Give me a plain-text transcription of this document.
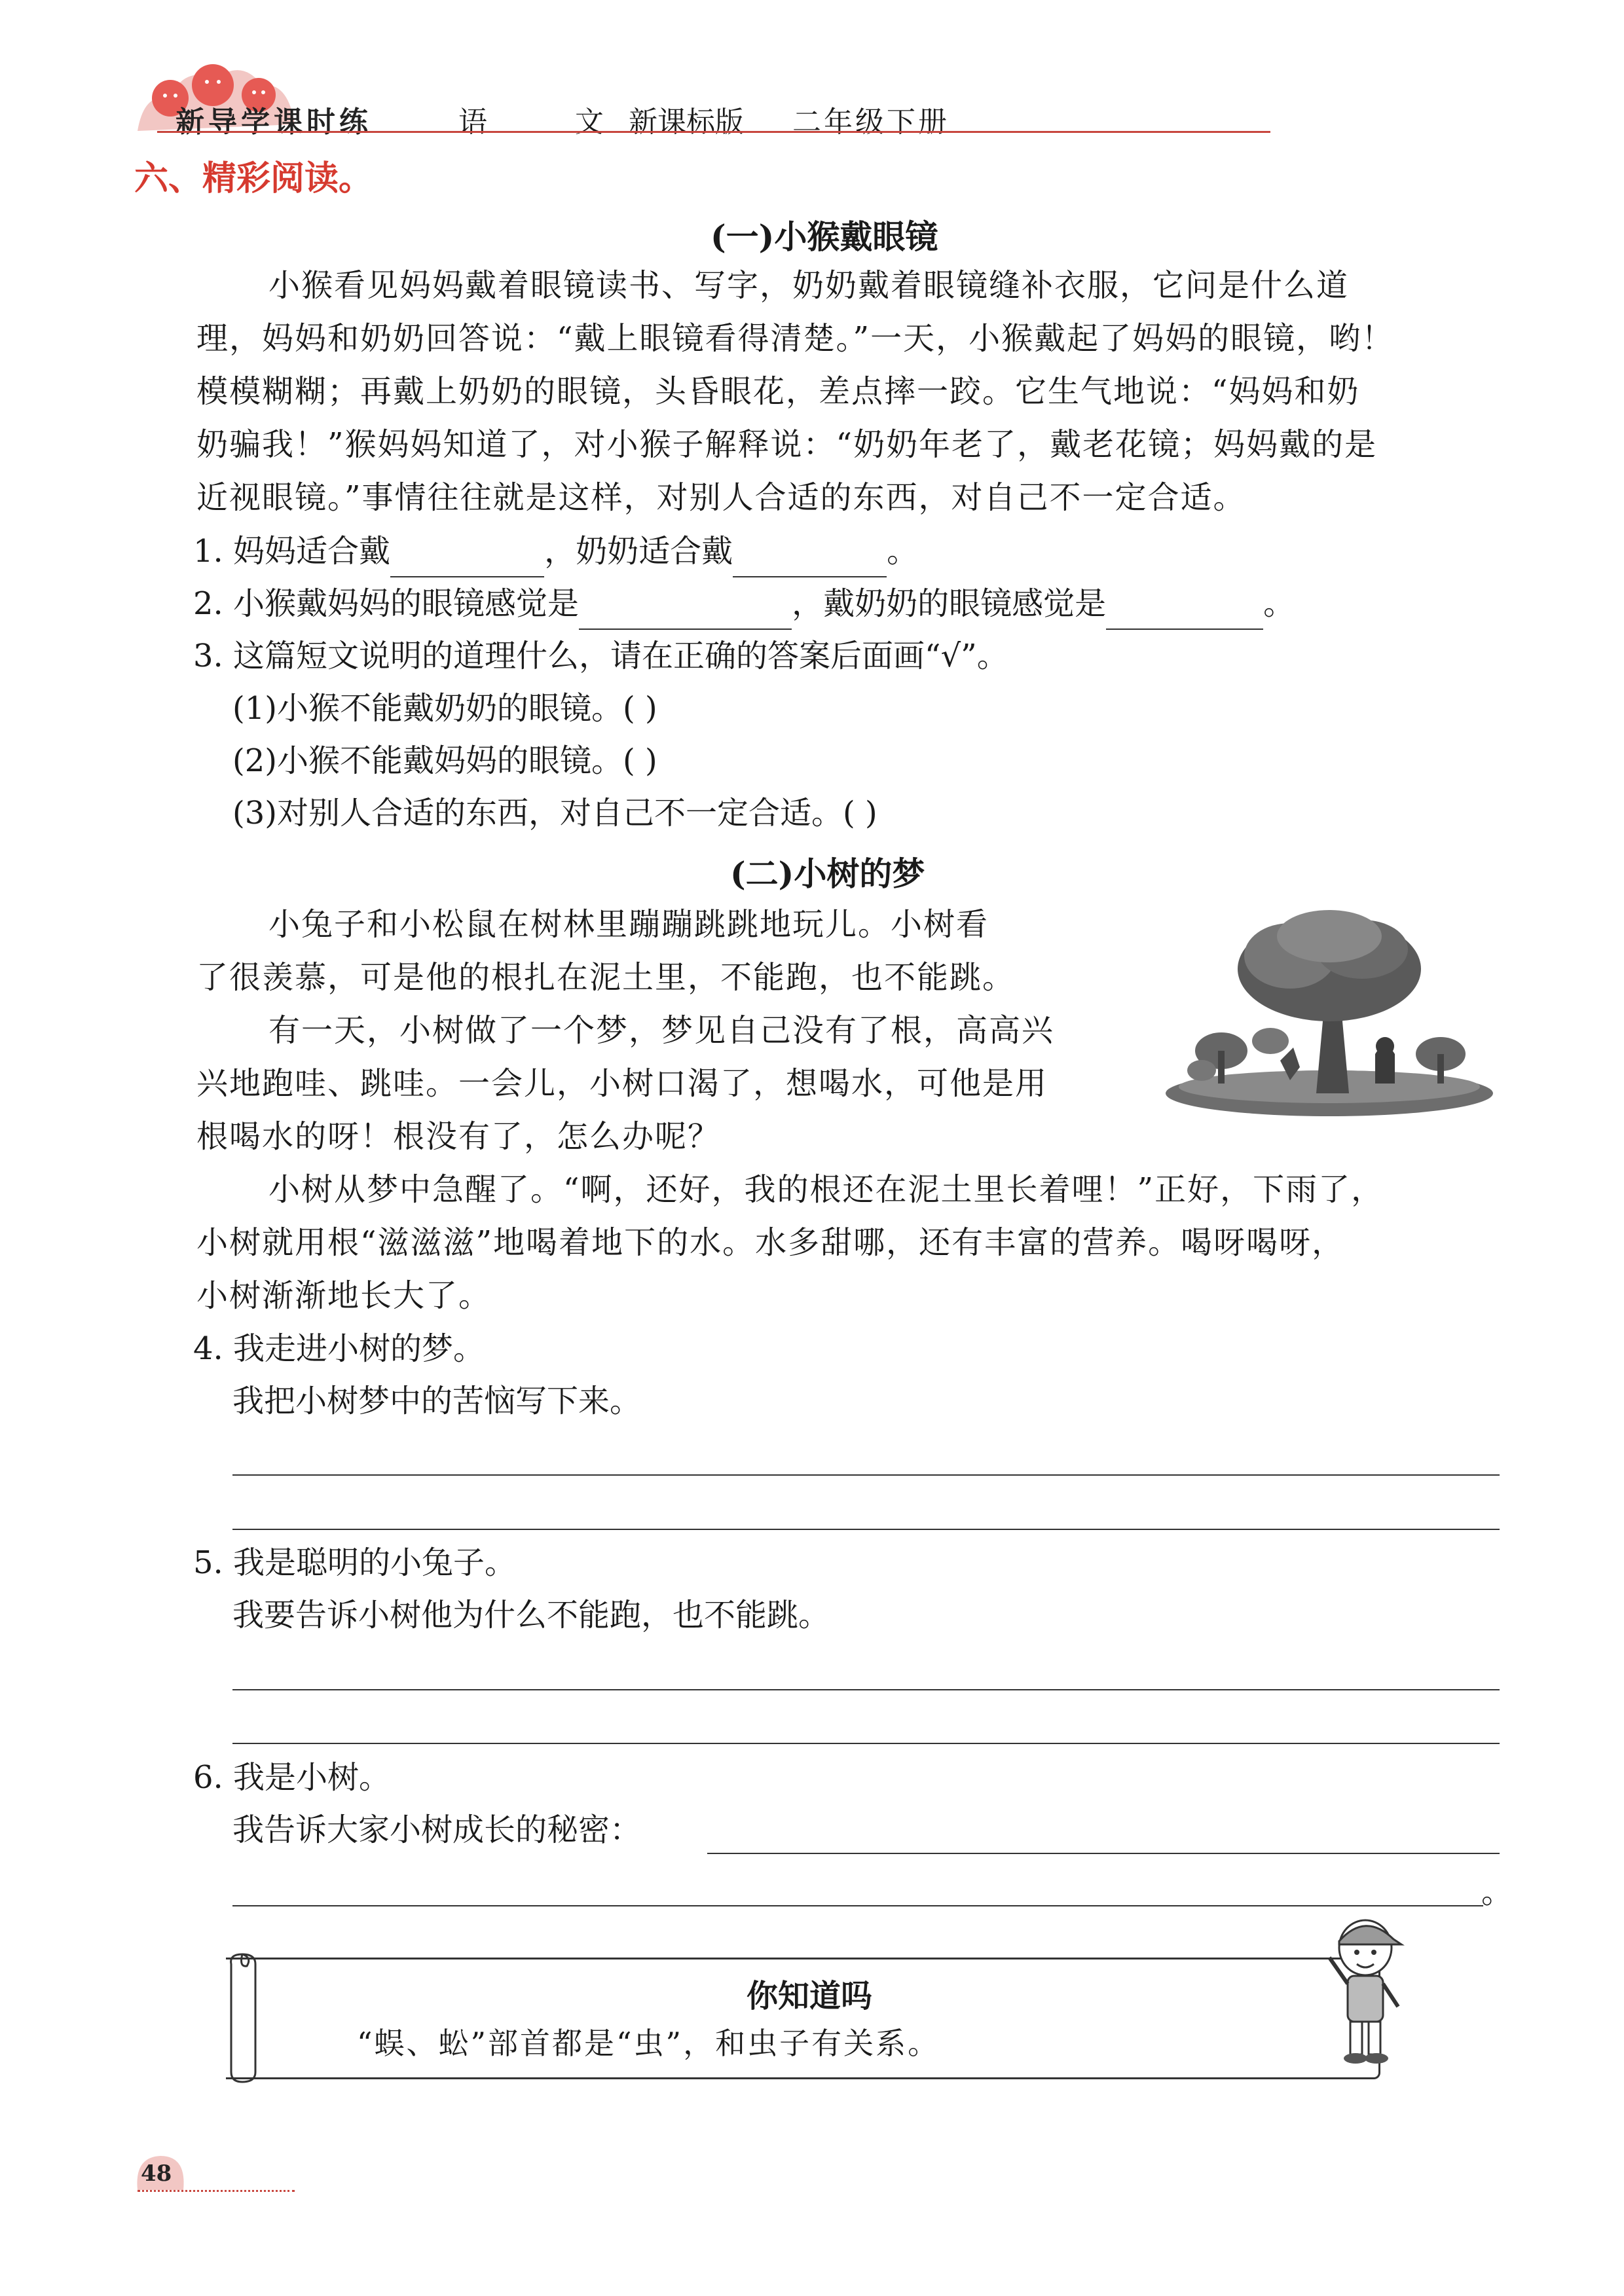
新导学课时练	语 文
新课标版 二年级下册
六、精彩阅读。
(一)小猴戴眼镜
小猴看见妈妈戴着眼镜读书、写字，奶奶戴着眼镜缝补衣服，它问是什么道
理，妈妈和奶奶回答说：“戴上眼镜看得清楚。”一天，小猴戴起了妈妈的眼镜，哟！
模模糊糊；再戴上奶奶的眼镜，头昏眼花，差点摔一跤。它生气地说：“妈妈和奶
奶骗我！”猴妈妈知道了，对小猴子解释说：“奶奶年老了，戴老花镜；妈妈戴的是
近视眼镜。”事情往往就是这样，对别人合适的东西，对自己不一定合适。
1. 妈妈适合戴	，奶奶适合戴	。
2. 小猴戴妈妈的眼镜感觉是	，戴奶奶的眼镜感觉是	。
3. 这篇短文说明的道理什么，请在正确的答案后面画“√”。
(1)小猴不能戴奶奶的眼镜。( )
(2)小猴不能戴妈妈的眼镜。( )
(3)对别人合适的东西，对自己不一定合适。( )
(二)小树的梦
小兔子和小松鼠在树林里蹦蹦跳跳地玩儿。小树看
了很羡慕，可是他的根扎在泥土里，不能跑，也不能跳。
有一天，小树做了一个梦，梦见自己没有了根，高高兴
兴地跑哇、跳哇。一会儿，小树口渴了，想喝水，可他是用
根喝水的呀！根没有了，怎么办呢？
小树从梦中急醒了。“啊，还好，我的根还在泥土里长着哩！”正好，下雨了，
小树就用根“滋滋滋”地喝着地下的水。水多甜哪，还有丰富的营养。喝呀喝呀，
小树渐渐地长大了。
4. 我走进小树的梦。
我把小树梦中的苦恼写下来。
5. 我是聪明的小兔子。
我要告诉小树他为什么不能跑，也不能跳。
6. 我是小树。
我告诉大家小树成长的秘密：
。
你知道吗
“蜈、蚣”部首都是“虫”，和虫子有关系。
48
